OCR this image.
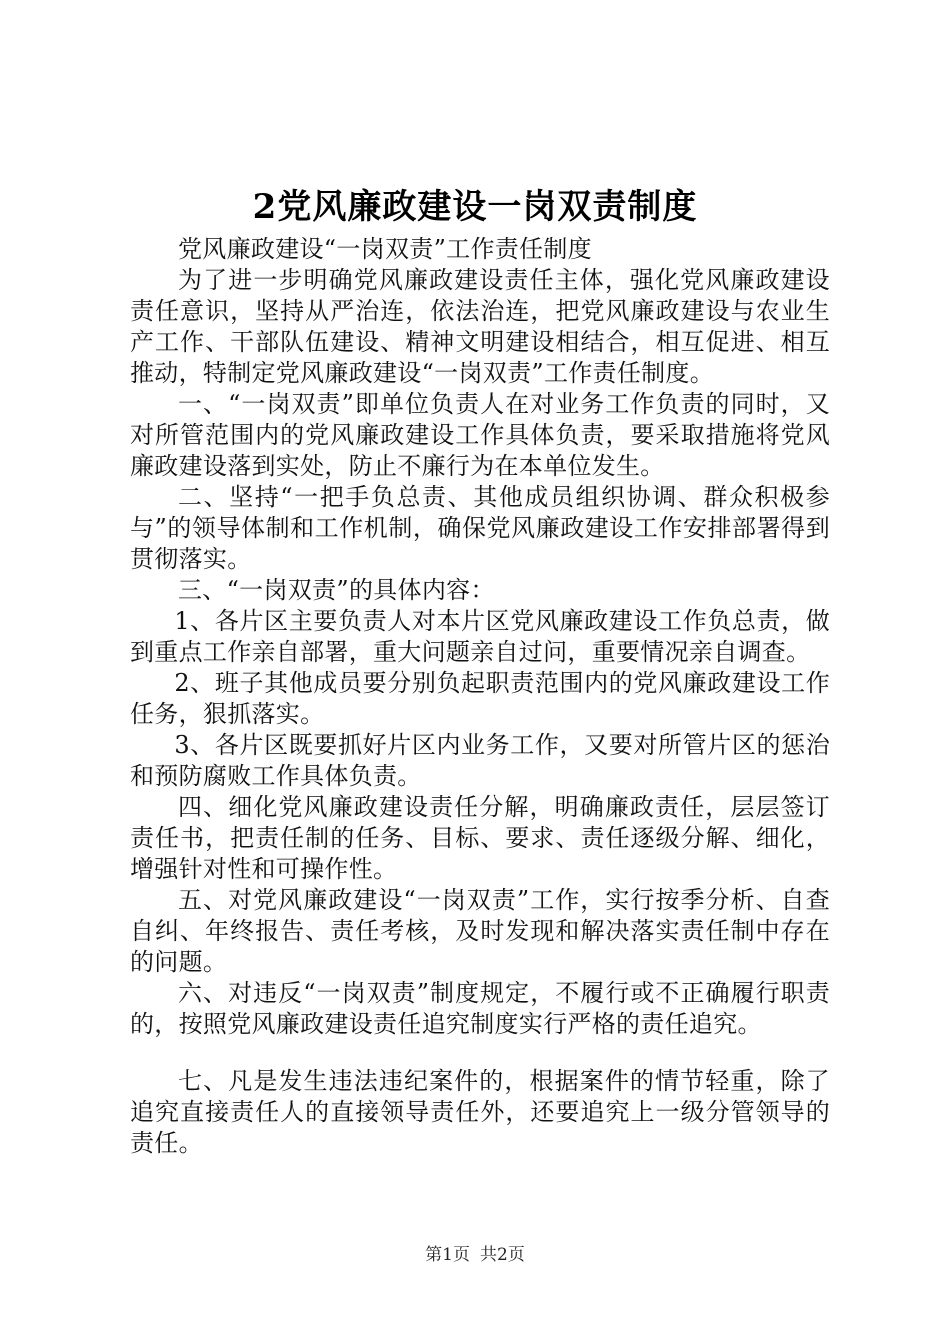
2党风廉政建设一岗双责制度

党风廉政建设“一岗双责”工作责任制度

为了进一步明确党风廉政建设责任主体，强化党风廉政建设责任意识，坚持从严治连，依法治连，把党风廉政建设与农业生产工作、干部队伍建设、精神文明建设相结合，相互促进、相互推动，特制定党风廉政建设“一岗双责”工作责任制度。

一、“一岗双责”即单位负责人在对业务工作负责的同时，又对所管范围内的党风廉政建设工作具体负责，要采取措施将党风廉政建设落到实处，防止不廉行为在本单位发生。

二、坚持“一把手负总责、其他成员组织协调、群众积极参与”的领导体制和工作机制，确保党风廉政建设工作安排部署得到贯彻落实。

三、“一岗双责”的具体内容：

1、各片区主要负责人对本片区党风廉政建设工作负总责，做到重点工作亲自部署，重大问题亲自过问，重要情况亲自调查。

2、班子其他成员要分别负起职责范围内的党风廉政建设工作任务，狠抓落实。

3、各片区既要抓好片区内业务工作，又要对所管片区的惩治和预防腐败工作具体负责。

四、细化党风廉政建设责任分解，明确廉政责任，层层签订责任书，把责任制的任务、目标、要求、责任逐级分解、细化，增强针对性和可操作性。

五、对党风廉政建设“一岗双责”工作，实行按季分析、自查自纠、年终报告、责任考核，及时发现和解决落实责任制中存在的问题。

六、对违反“一岗双责”制度规定，不履行或不正确履行职责的，按照党风廉政建设责任追究制度实行严格的责任追究。

七、凡是发生违法违纪案件的，根据案件的情节轻重，除了追究直接责任人的直接领导责任外，还要追究上一级分管领导的责任。

第1页 共2页
